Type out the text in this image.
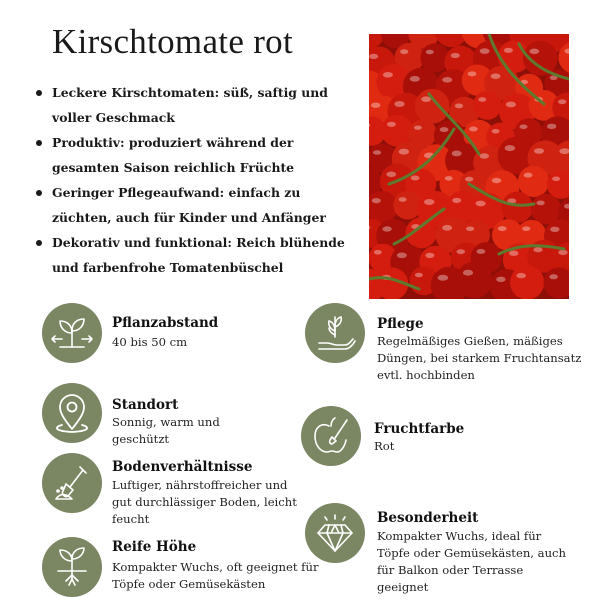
Kirschtomate rot
Leckere Kirschtomaten: süß, saftig und voller Geschmack
Produktiv: produziert während der gesamten Saison reichlich Früchte
Geringer Pflegeaufwand: einfach zu züchten, auch für Kinder und Anfänger
Dekorativ und funktional: Reich blühende und farbenfrohe Tomatenbüschel
Pflanzabstand
40 bis 50 cm
Standort
Sonnig, warm und geschützt
Bodenverhältnisse
Luftiger, nährstoffreicher und gut durchlässiger Boden, leicht feucht
Reife Höhe
Kompakter Wuchs, oft geeignet für Töpfe oder Gemüsekästen
Pflege
Regelmäßiges Gießen, mäßiges Düngen, bei starkem Fruchtansatz evtl. hochbinden
Fruchtfarbe
Rot
Besonderheit
Kompakter Wuchs, ideal für Töpfe oder Gemüsekästen, auch für Balkon oder Terrasse geeignet
